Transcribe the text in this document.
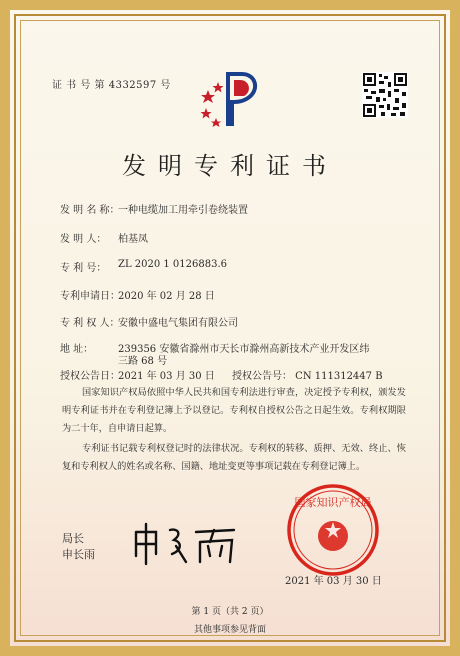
证 书 号 第 4332597 号
发明专利证书
发 明 名 称：
一种电缆加工用牵引卷绕装置
发 明 人： 柏基凤
专 利 号： ZL 2020 1 0126883.6
专利申请日：
2020 年 02 月 28 日
专 利 权 人：
安徽中盛电气集团有限公司
地 址： 239356 安徽省滁州市天长市滁州高新技术产业开发区纬
三路 68 号
授权公告日：
2021 年 03 月 30 日 授权公告号： CN 111312447 B
国家知识产权局依照中华人民共和国专利法进行审查，决定授予专利权，颁发发明专利证书并在专利登记簿上予以登记。专利权自授权公告之日起生效。专利权期限为二十年，自申请日起算。
专利证书记载专利权登记时的法律状况。专利权的转移、质押、无效、终止、恢复和专利权人的姓名或名称、国籍、地址变更等事项记载在专利登记簿上。
局长
申长雨
国家知识产权局
2021 年 03 月 30 日
第 1 页（共 2 页）
其他事项参见背面
